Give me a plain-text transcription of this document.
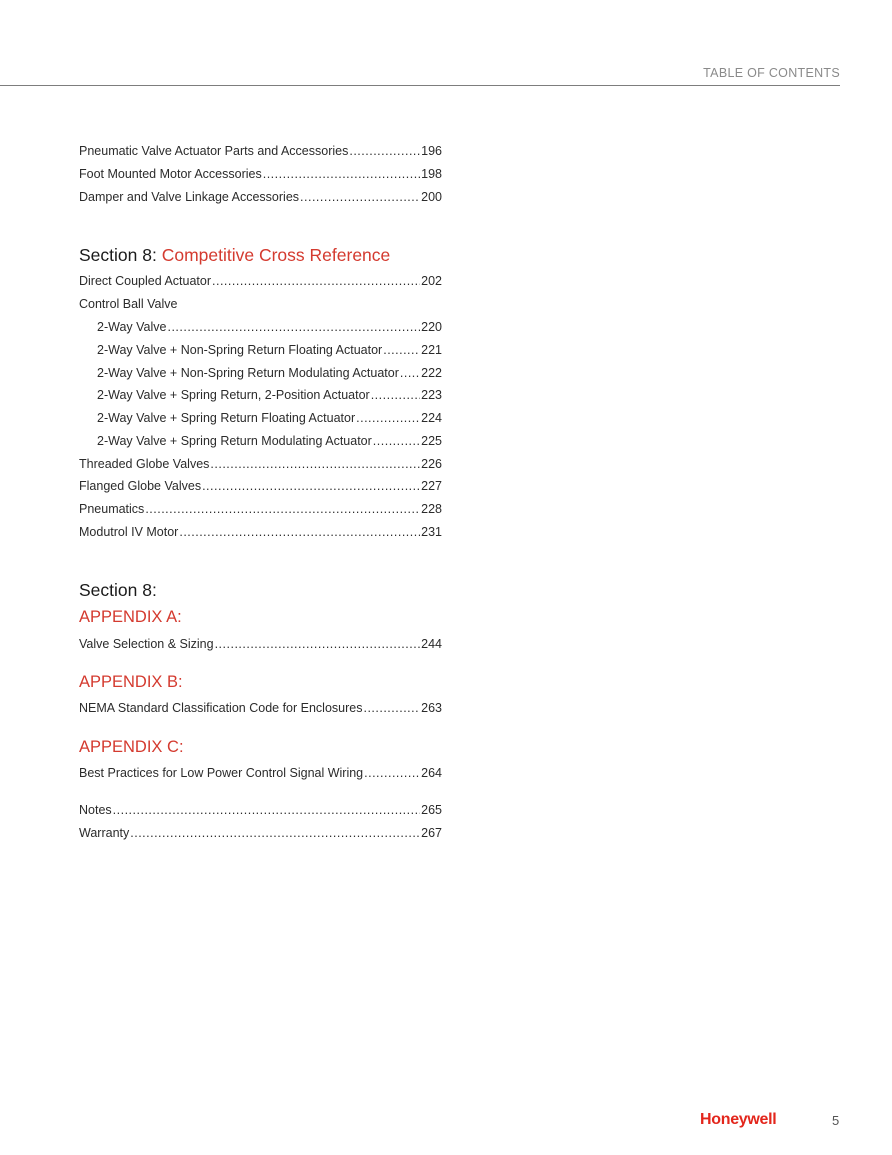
TABLE OF CONTENTS
Pneumatic Valve Actuator Parts and Accessories .....	196
Foot Mounted Motor Accessories .....	198
Damper and Valve Linkage Accessories .....	200
Section 8: Competitive Cross Reference
Direct Coupled Actuator .....	202
Control Ball Valve
2-Way Valve .....	220
2-Way Valve + Non-Spring Return Floating Actuator .....	221
2-Way Valve + Non-Spring Return Modulating Actuator ..... 222
2-Way Valve + Spring Return, 2-Position Actuator .....	223
2-Way Valve + Spring Return Floating Actuator .....	224
2-Way Valve + Spring Return Modulating Actuator .....	225
Threaded Globe Valves .....	226
Flanged Globe Valves .....	227
Pneumatics .....	228
Modutrol IV Motor .....	231
Section 8:
APPENDIX A:
Valve Selection & Sizing .....	244
APPENDIX B:
NEMA Standard Classification Code for Enclosures .....	263
APPENDIX C:
Best Practices for Low Power Control Signal Wiring .....	264
Notes .....	265
Warranty .....	267
Honeywell	5
